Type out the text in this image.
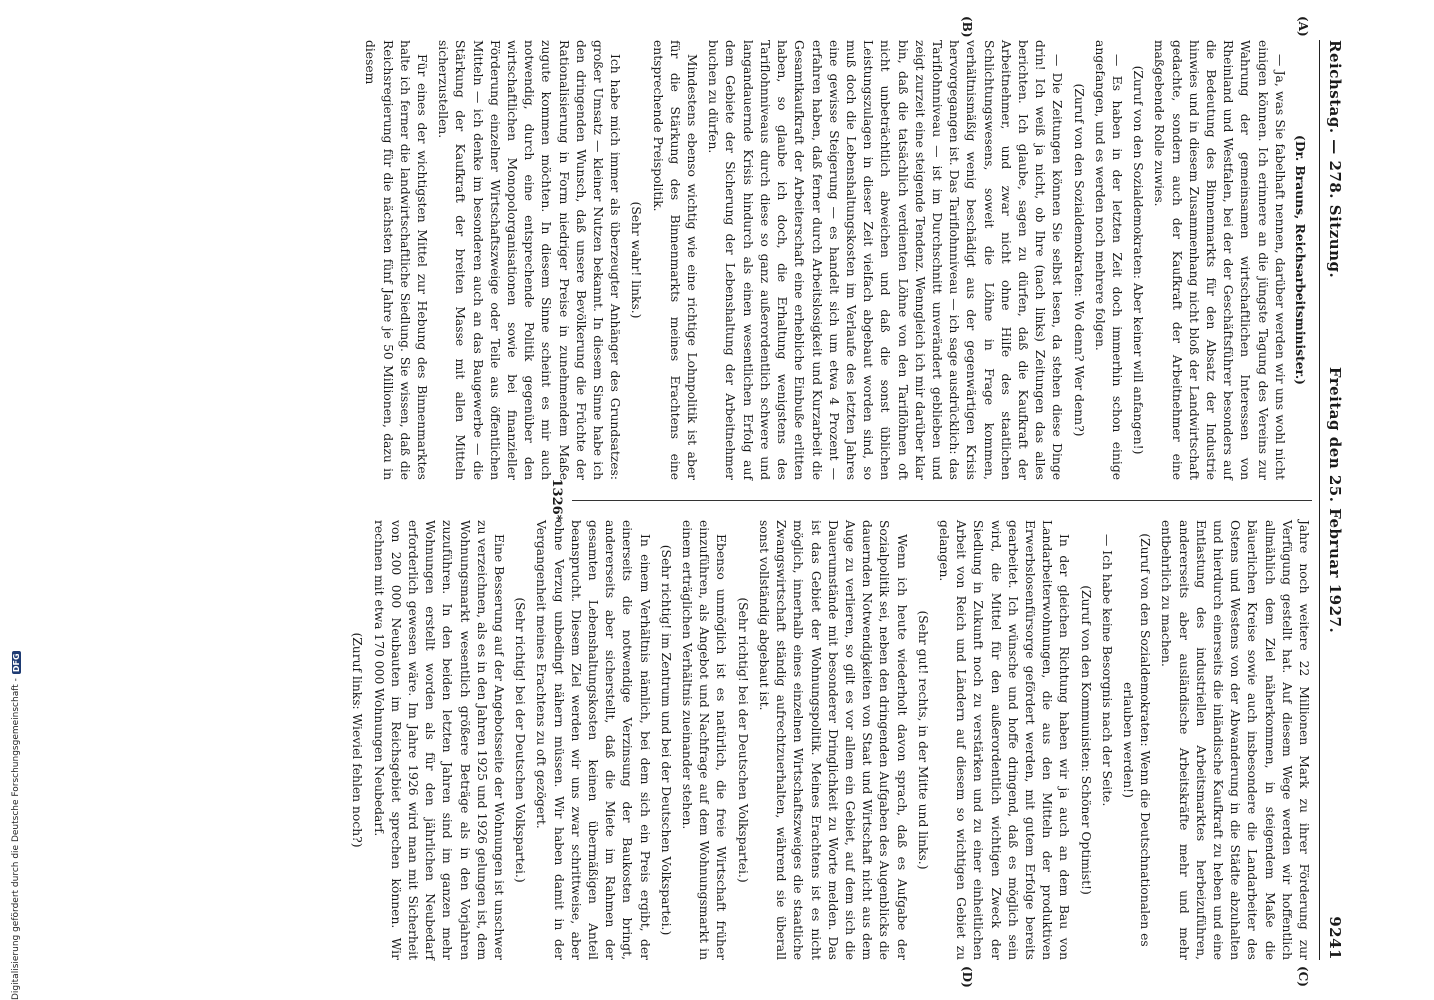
Reichstag. — 278. Sitzung.
Freitag den 25. Februar 1927.
9241
(A)
(B)
(C)
(D)

(Dr. Brauns, Reichsarbeitsminister.)

— Ja, was Sie fabelhaft nennen, darüber werden wir uns wohl nicht einigen können. Ich erinnere an die jüngste Tagung des Vereins zur Wahrung der gemeinsamen wirtschaftlichen Interessen von Rheinland und Westfalen, bei der der Geschäftsführer besonders auf die Bedeutung des Binnenmarkts für den Absatz der Industrie hinwies und in diesem Zusammenhang nicht bloß der Landwirtschaft gedachte, sondern auch der Kaufkraft der Arbeitnehmer eine maßgebende Rolle zuwies.

(Zuruf von den Sozialdemokraten: Aber keiner will anfangen!)

— Es haben in der letzten Zeit doch immerhin schon einige angefangen, und es werden noch mehrere folgen.

(Zuruf von den Sozialdemokraten: Wo denn? Wer denn?)

— Die Zeitungen können Sie selbst lesen, da stehen diese Dinge drin! Ich weiß ja nicht, ob Ihre (nach links) Zeitungen das alles berichten. Ich glaube, sagen zu dürfen, daß die Kaufkraft der Arbeitnehmer, und zwar nicht ohne Hilfe des staatlichen Schlichtungswesens, soweit die Löhne in Frage kommen, verhältnismäßig wenig beschädigt aus der gegenwärtigen Krisis hervorgegangen ist. Das Tariflohnniveau — ich sage ausdrücklich: das Tariflohnniveau — ist im Durchschnitt unverändert geblieben und zeigt zurzeit eine steigende Tendenz. Wenngleich ich mir darüber klar bin, daß die tatsächlich verdienten Löhne von den Tariflöhnen oft nicht unbeträchtlich abweichen und daß die sonst üblichen Leistungszulagen in dieser Zeit vielfach abgebaut worden sind, so muß doch die Lebenshaltungskosten im Verlaufe des letzten Jahres eine gewisse Steigerung — es handelt sich um etwa 4 Prozent — erfahren haben, daß ferner durch Arbeitslosigkeit und Kurzarbeit die Gesamtkaufkraft der Arbeiterschaft eine erhebliche Einbuße erlitten haben, so glaube ich doch, die Erhaltung wenigstens des Tariflohnniveaus durch diese so ganz außerordentlich schwere und langandauernde Krisis hindurch als einen wesentlichen Erfolg auf dem Gebiete der Sicherung der Lebenshaltung der Arbeitnehmer buchen zu dürfen.

Mindestens ebenso wichtig wie eine richtige Lohnpolitik ist aber für die Stärkung des Binnenmarkts meines Erachtens eine entsprechende Preispolitik.

(Sehr wahr! links.)

Ich habe mich immer als überzeugter Anhänger des Grundsatzes: großer Umsatz — kleiner Nutzen bekannt. In diesem Sinne habe ich den dringenden Wunsch, daß unsere Bevölkerung die Früchte der Rationalisierung in Form niedriger Preise in zunehmendem Maße zugute kommen möchten. In diesem Sinne scheint es mir auch notwendig, durch eine entsprechende Politik gegenüber den wirtschaftlichen Monopolorganisationen sowie bei finanzieller Förderung einzelner Wirtschaftszweige oder Teile aus öffentlichen Mitteln — ich denke im besonderen auch an das Baugewerbe — die Stärkung der Kaufkraft der breiten Masse mit allen Mitteln sicherzustellen.

Für eines der wichtigsten Mittel zur Hebung des Binnenmarktes halte ich ferner die landwirtschaftliche Siedlung. Sie wissen, daß die Reichsregierung für die nächsten fünf Jahre je 50 Millionen, dazu in diesem

Jahre noch weitere 22 Millionen Mark zu ihrer Förderung zur Verfügung gestellt hat. Auf diesem Wege werden wir hoffentlich allmählich dem Ziel näherkommen, in steigendem Maße die bäuerlichen Kreise sowie auch insbesondere die Landarbeiter des Ostens und Westens von der Abwanderung in die Städte abzuhalten und hierdurch einerseits die inländische Kaufkraft zu heben und eine Entlastung des industriellen Arbeitsmarktes herbeizuführen, andererseits aber ausländische Arbeitskräfte mehr und mehr entbehrlich zu machen.

(Zuruf von den Sozialdemokraten: Wenn die Deutschnationalen es erlauben werden!)

— Ich habe keine Besorgnis nach der Seite.

(Zuruf von den Kommunisten: Schöner Optimist!)

In der gleichen Richtung haben wir ja auch an dem Bau von Landarbeiterwohnungen, die aus den Mitteln der produktiven Erwerbslosenfürsorge gefördert werden, mit gutem Erfolge bereits gearbeitet. Ich wünsche und hoffe dringend, daß es möglich sein wird, die Mittel für den außerordentlich wichtigen Zweck der Siedlung in Zukunft noch zu verstärken und zu einer einheitlichen Arbeit von Reich und Ländern auf diesem so wichtigen Gebiet zu gelangen.

(Sehr gut! rechts, in der Mitte und links.)

Wenn ich heute wiederholt davon sprach, daß es Aufgabe der Sozialpolitik sei, neben den dringenden Aufgaben des Augenblicks die dauernden Notwendigkeiten von Staat und Wirtschaft nicht aus dem Auge zu verlieren, so gilt es vor allem ein Gebiet, auf dem sich die Dauerumstände mit besonderer Dringlichkeit zu Worte melden. Das ist das Gebiet der Wohnungspolitik. Meines Erachtens ist es nicht möglich, innerhalb eines einzelnen Wirtschaftszweiges die staatliche Zwangswirtschaft ständig aufrechtzuerhalten, während sie überall sonst vollständig abgebaut ist.

(Sehr richtig! bei der Deutschen Volkspartei.)

Ebenso unmöglich ist es natürlich, die freie Wirtschaft früher einzuführen, als Angebot und Nachfrage auf dem Wohnungsmarkt in einem erträglichen Verhältnis zueinander stehen.

(Sehr richtig! im Zentrum und bei der Deutschen Volkspartei.)

In einem Verhältnis nämlich, bei dem sich ein Preis ergibt, der einerseits die notwendige Verzinsung der Baukosten bringt, andererseits aber sicherstellt, daß die Miete im Rahmen der gesamten Lebenshaltungskosten keinen übermäßigen Anteil beansprucht. Diesem Ziel werden wir uns zwar schrittweise, aber ohne Verzug unbedingt nähern müssen. Wir haben damit in der Vergangenheit meines Erachtens zu oft gezögert.

(Sehr richtig! bei der Deutschen Volkspartei.)

Eine Besserung auf der Angebotsseite der Wohnungen ist unschwer zu verzeichnen, als es in den Jahren 1925 und 1926 gelungen ist, dem Wohnungsmarkt wesentlich größere Beträge als in den Vorjahren zuzuführen. In den beiden letzten Jahren sind im ganzen mehr Wohnungen erstellt worden als für den jährlichen Neubedarf erforderlich gewesen wäre. Im Jahre 1926 wird man mit Sicherheit von 200 000 Neubauten im Reichsgebiet sprechen können. Wir rechnen mit etwa 170 000 Wohnungen Neubedarf.

(Zuruf links: Wieviel fehlen noch?)

1326*
Digitalisierung gefördert durch die Deutsche Forschungsgemeinschaft -
DFG
